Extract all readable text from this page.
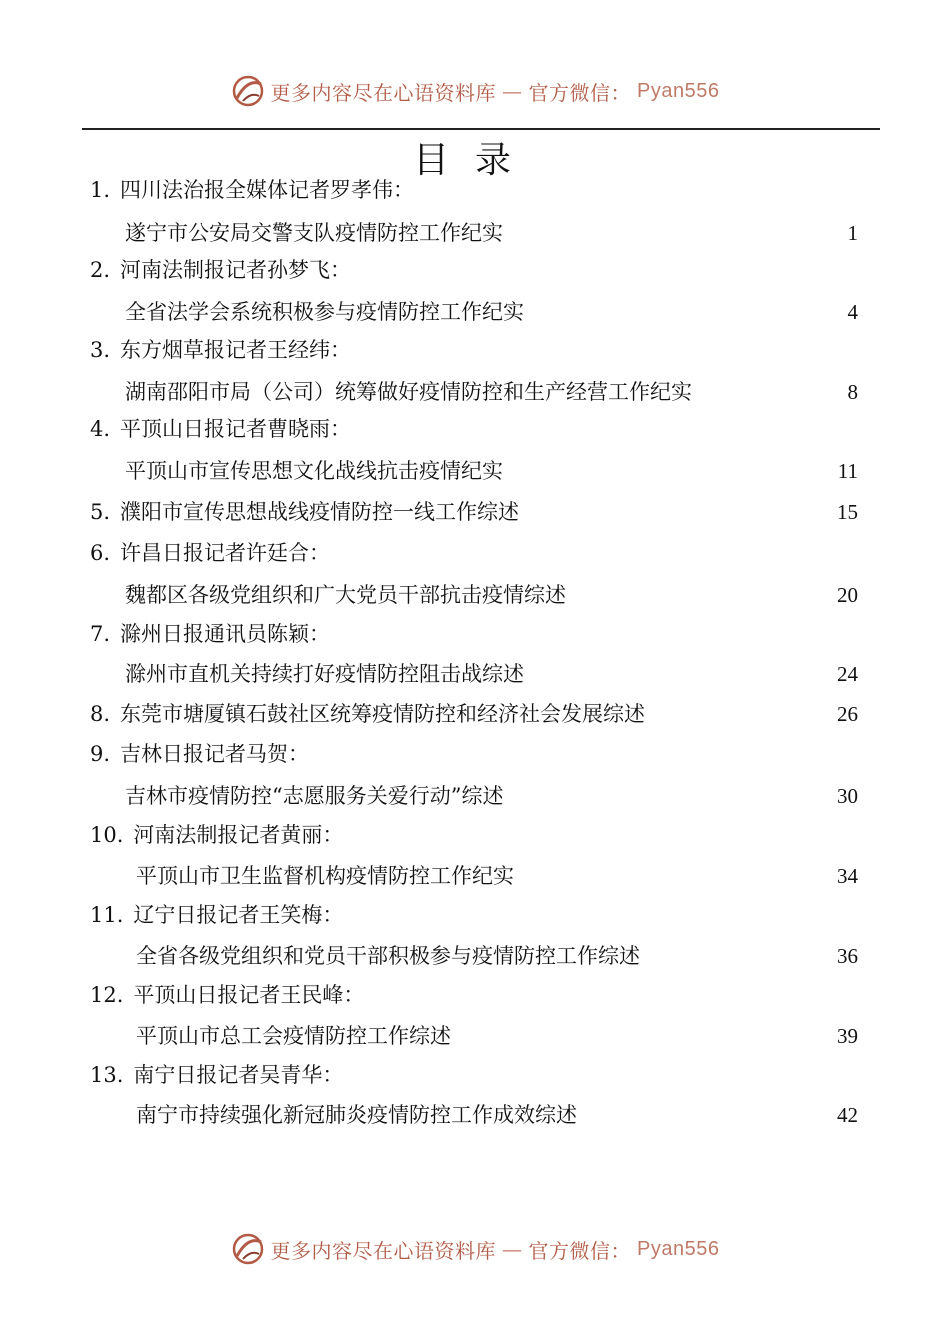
更多内容尽在心语资料库 — 官方微信： Pyan556
目录
1. 四川法治报全媒体记者罗孝伟：
遂宁市公安局交警支队疫情防控工作纪实	1
2. 河南法制报记者孙梦飞：
全省法学会系统积极参与疫情防控工作纪实	4
3. 东方烟草报记者王经纬：
湖南邵阳市局（公司）统筹做好疫情防控和生产经营工作纪实	8
4. 平顶山日报记者曹晓雨：
平顶山市宣传思想文化战线抗击疫情纪实	11
5. 濮阳市宣传思想战线疫情防控一线工作综述	15
6. 许昌日报记者许廷合：
魏都区各级党组织和广大党员干部抗击疫情综述	20
7. 滁州日报通讯员陈颖：
滁州市直机关持续打好疫情防控阻击战综述	24
8. 东莞市塘厦镇石鼓社区统筹疫情防控和经济社会发展综述	26
9. 吉林日报记者马贺：
吉林市疫情防控“志愿服务关爱行动”综述	30
10. 河南法制报记者黄丽：
平顶山市卫生监督机构疫情防控工作纪实	34
11. 辽宁日报记者王笑梅：
全省各级党组织和党员干部积极参与疫情防控工作综述	36
12. 平顶山日报记者王民峰：
平顶山市总工会疫情防控工作综述	39
13. 南宁日报记者吴青华：
南宁市持续强化新冠肺炎疫情防控工作成效综述	42
更多内容尽在心语资料库 — 官方微信： Pyan556
